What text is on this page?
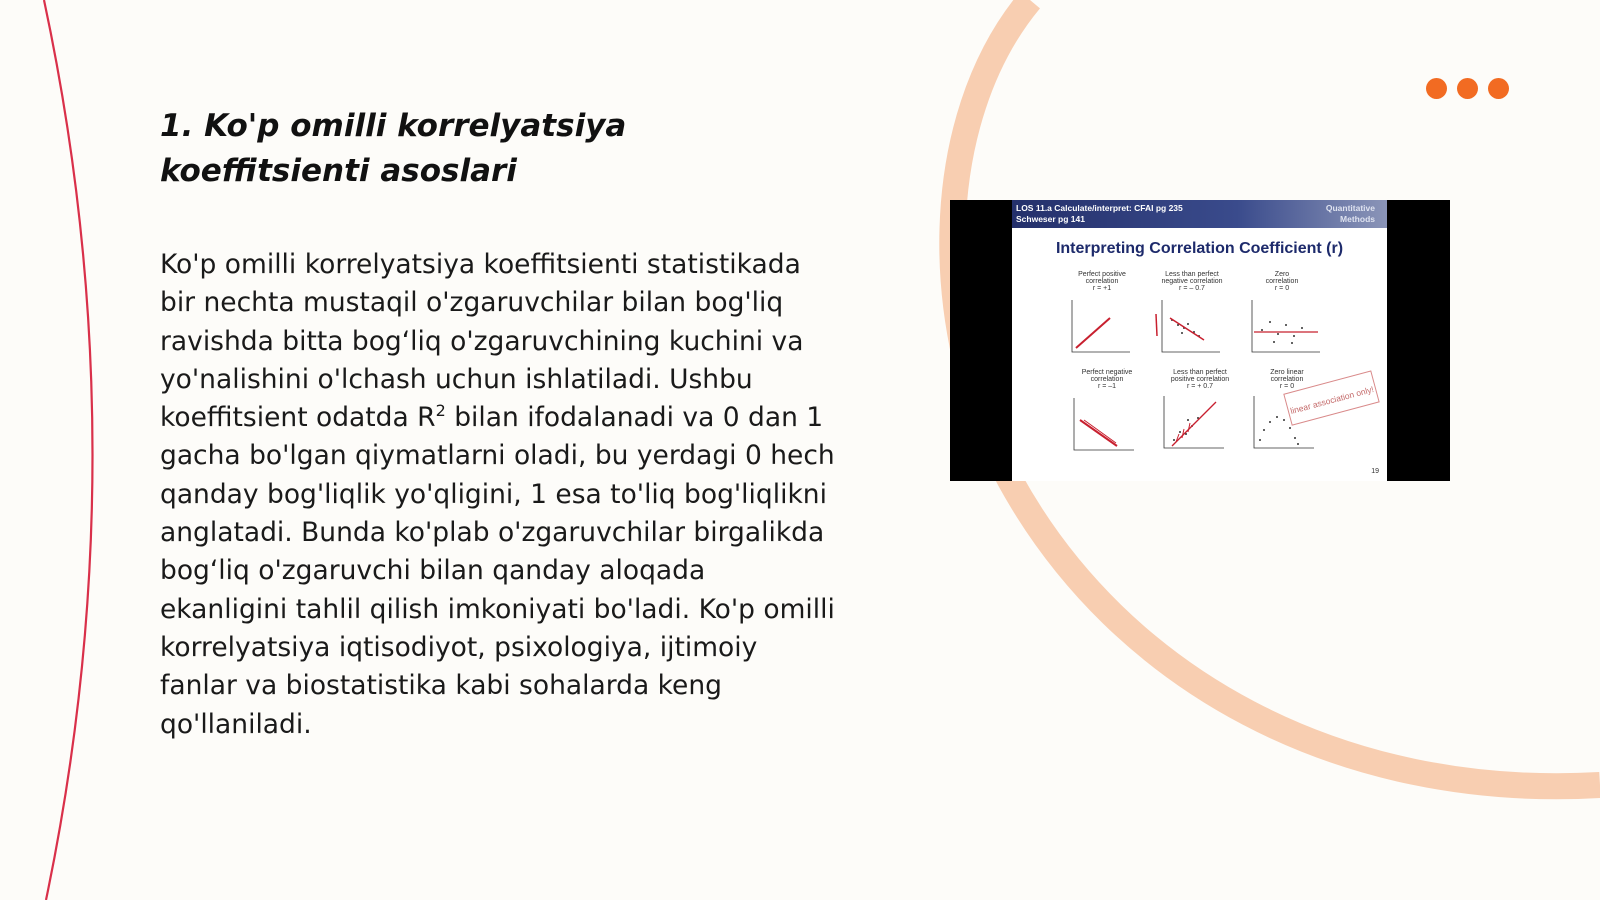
1. Ko'p omilli korrelyatsiya
koeffitsienti asoslari

Ko'p omilli korrelyatsiya koeffitsienti statistikada bir nechta mustaqil o'zgaruvchilar bilan bog'liq ravishda bitta bog‘liq o'zgaruvchining kuchini va yo'nalishini o'lchash uchun ishlatiladi. Ushbu koeffitsient odatda $R^2$ bilan ifodalanadi va 0 dan 1 gacha bo'lgan qiymatlarni oladi, bu yerdagi 0 hech qanday bog'liqlik yo'qligini, 1 esa to'liq bog'liqlikni anglatadi. Bunda ko'plab o'zgaruvchilar birgalikda bog‘liq o'zgaruvchi bilan qanday aloqada ekanligini tahlil qilish imkoniyati bo'ladi. Ko'p omilli korrelyatsiya iqtisodiyot, psixologiya, ijtimoiy fanlar va biostatistika kabi sohalarda keng qo'llaniladi.

LOS 11.a Calculate/interpret: CFAI pg 235
Schweser pg 141
Quantitative
Methods
Interpreting Correlation Coefficient (r)
Perfect positive
correlation
r = +1
Less than perfect
negative correlation
r = – 0.7
Zero
correlation
r = 0
Perfect negative
correlation
r = –1
Less than perfect
positive correlation
r = + 0.7
Zero linear
correlation
r = 0
linear association only!
19
